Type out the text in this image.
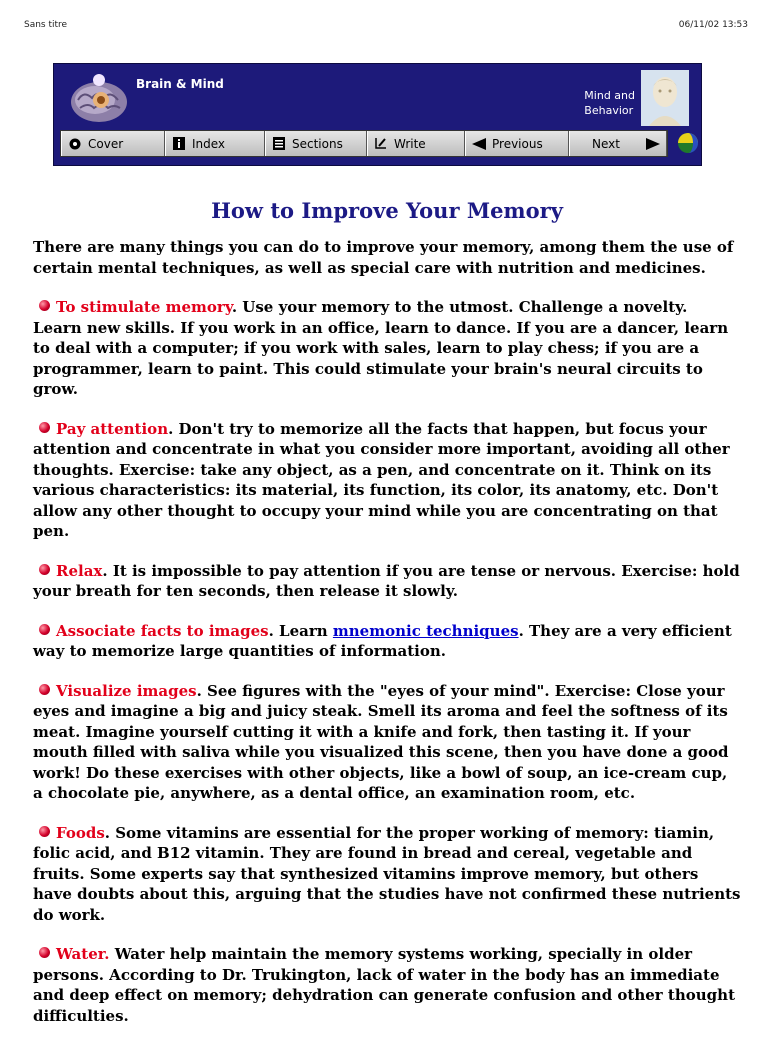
Sans titre	06/11/02 13:53
Brain & Mind
Mind and
Behavior
Cover	Index	Sections	Write	Previous	Next
How to Improve Your Memory

There are many things you can do to improve your memory, among them the use of certain mental techniques, as well as special care with nutrition and medicines.

To stimulate memory. Use your memory to the utmost. Challenge a novelty. Learn new skills. If you work in an office, learn to dance. If you are a dancer, learn to deal with a computer; if you work with sales, learn to play chess; if you are a programmer, learn to paint. This could stimulate your brain's neural circuits to grow.

Pay attention. Don't try to memorize all the facts that happen, but focus your attention and concentrate in what you consider more important, avoiding all other thoughts. Exercise: take any object, as a pen, and concentrate on it. Think on its various characteristics: its material, its function, its color, its anatomy, etc. Don't allow any other thought to occupy your mind while you are concentrating on that pen.

Relax. It is impossible to pay attention if you are tense or nervous. Exercise: hold your breath for ten seconds, then release it slowly.

Associate facts to images. Learn mnemonic techniques. They are a very efficient way to memorize large quantities of information.

Visualize images. See figures with the "eyes of your mind". Exercise: Close your eyes and imagine a big and juicy steak. Smell its aroma and feel the softness of its meat. Imagine yourself cutting it with a knife and fork, then tasting it. If your mouth filled with saliva while you visualized this scene, then you have done a good work! Do these exercises with other objects, like a bowl of soup, an ice-cream cup, a chocolate pie, anywhere, as a dental office, an examination room, etc.

Foods. Some vitamins are essential for the proper working of memory: tiamin, folic acid, and B12 vitamin. They are found in bread and cereal, vegetable and fruits. Some experts say that synthesized vitamins improve memory, but others have doubts about this, arguing that the studies have not confirmed these nutrients do work.

Water. Water help maintain the memory systems working, specially in older persons. According to Dr. Trukington, lack of water in the body has an immediate and deep effect on memory; dehydration can generate confusion and other thought difficulties.
